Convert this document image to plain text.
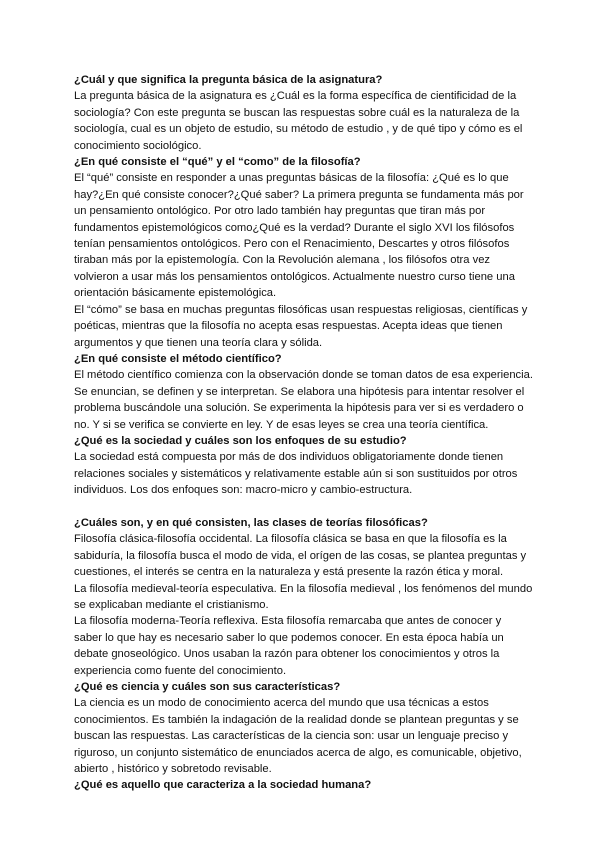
¿Cuál y que significa la pregunta básica de la asignatura?

La pregunta básica de la asignatura es ¿Cuál es la forma específica de cientificidad de la

sociología? Con este pregunta se buscan las respuestas sobre cuál es la naturaleza de la

sociología, cual es un objeto de estudio, su método de estudio , y de qué tipo y cómo es el

conocimiento sociológico.

¿En qué consiste el “qué” y el “como” de la filosofía?

El “qué” consiste en responder a unas preguntas básicas de la filosofía: ¿Qué es lo que

hay?¿En qué consiste conocer?¿Qué saber? La primera pregunta se fundamenta más por

un pensamiento ontológico. Por otro lado también hay preguntas que tiran más por

fundamentos epistemológicos como¿Qué es la verdad? Durante el siglo XVI los filósofos

tenían pensamientos ontológicos. Pero con el Renacimiento, Descartes y otros filósofos

tiraban más por la epistemología. Con la Revolución alemana , los filósofos otra vez

volvieron a usar más los pensamientos ontológicos. Actualmente nuestro curso tiene una

orientación básicamente epistemológica.

El “cómo” se basa en muchas preguntas filosóficas usan respuestas religiosas, científicas y

poéticas, mientras que la filosofía no acepta esas respuestas. Acepta ideas que tienen

argumentos y que tienen una teoría clara y sólida.

¿En qué consiste el método científico?

El método científico comienza con la observación donde se toman datos de esa experiencia.

Se enuncian, se definen y se interpretan. Se elabora una hipótesis para intentar resolver el

problema buscándole una solución. Se experimenta la hipótesis para ver si es verdadero o

no. Y si se verifica se convierte en ley. Y de esas leyes se crea una teoría científica.

¿Qué es la sociedad y cuáles son los enfoques de su estudio?

La sociedad está compuesta por más de dos individuos obligatoriamente donde tienen

relaciones sociales y sistemáticos y relativamente estable aún si son sustituidos por otros

individuos. Los dos enfoques son: macro-micro y cambio-estructura.

¿Cuáles son, y en qué consisten, las clases de teorías filosóficas?

Filosofía clásica-filosofía occidental. La filosofía clásica se basa en que la filosofía es la

sabiduría, la filosofía busca el modo de vida, el orígen de las cosas, se plantea preguntas y

cuestiones, el interés se centra en la naturaleza y está presente la razón ética y moral.

La filosofía medieval-teoría especulativa. En la filosofía medieval , los fenómenos del mundo

se explicaban mediante el cristianismo.

La filosofía moderna-Teoría reflexiva. Esta filosofía remarcaba que antes de conocer y

saber lo que hay es necesario saber lo que podemos conocer. En esta época había un

debate gnoseológico. Unos usaban la razón para obtener los conocimientos y otros la

experiencia como fuente del conocimiento.

¿Qué es ciencia y cuáles son sus características?

La ciencia es un modo de conocimiento acerca del mundo que usa técnicas a estos

conocimientos. Es también la indagación de la realidad donde se plantean preguntas y se

buscan las respuestas. Las características de la ciencia son: usar un lenguaje preciso y

riguroso, un conjunto sistemático de enunciados acerca de algo, es comunicable, objetivo,

abierto , histórico y sobretodo revisable.

¿Qué es aquello que caracteriza a la sociedad humana?
